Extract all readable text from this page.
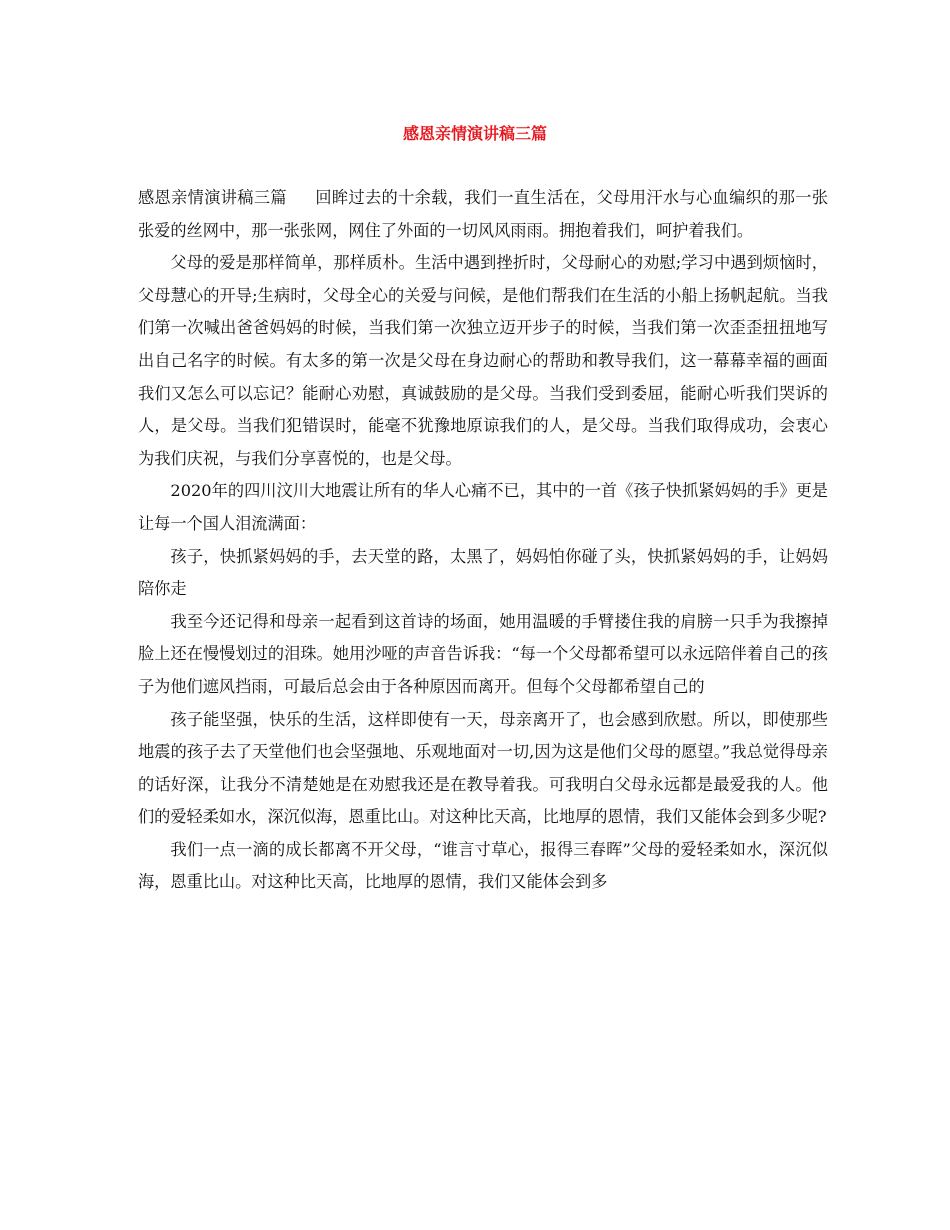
感恩亲情演讲稿三篇

感恩亲情演讲稿三篇 回眸过去的十余载，我们一直生活在，父母用汗水与心血编织的那一张张爱的丝网中，那一张张网，网住了外面的一切风风雨雨。拥抱着我们，呵护着我们。

父母的爱是那样简单，那样质朴。生活中遇到挫折时，父母耐心的劝慰;学习中遇到烦恼时，父母慧心的开导;生病时，父母全心的关爱与问候，是他们帮我们在生活的小船上扬帆起航。当我们第一次喊出爸爸妈妈的时候，当我们第一次独立迈开步子的时候，当我们第一次歪歪扭扭地写出自己名字的时候。有太多的第一次是父母在身边耐心的帮助和教导我们，这一幕幕幸福的画面我们又怎么可以忘记？能耐心劝慰，真诚鼓励的是父母。当我们受到委屈，能耐心听我们哭诉的人，是父母。当我们犯错误时，能毫不犹豫地原谅我们的人，是父母。当我们取得成功，会衷心为我们庆祝，与我们分享喜悦的，也是父母。

2020年的四川汶川大地震让所有的华人心痛不已，其中的一首《孩子快抓紧妈妈的手》更是让每一个国人泪流满面：

孩子，快抓紧妈妈的手，去天堂的路，太黑了，妈妈怕你碰了头，快抓紧妈妈的手，让妈妈陪你走

我至今还记得和母亲一起看到这首诗的场面，她用温暖的手臂搂住我的肩膀一只手为我擦掉脸上还在慢慢划过的泪珠。她用沙哑的声音告诉我：“每一个父母都希望可以永远陪伴着自己的孩子为他们遮风挡雨，可最后总会由于各种原因而离开。但每个父母都希望自己的

孩子能坚强，快乐的生活，这样即使有一天，母亲离开了，也会感到欣慰。所以，即使那些地震的孩子去了天堂他们也会坚强地、乐观地面对一切,因为这是他们父母的愿望。”我总觉得母亲的话好深，让我分不清楚她是在劝慰我还是在教导着我。可我明白父母永远都是最爱我的人。他们的爱轻柔如水，深沉似海，恩重比山。对这种比天高，比地厚的恩情，我们又能体会到多少呢?

我们一点一滴的成长都离不开父母，“谁言寸草心，报得三春晖”父母的爱轻柔如水，深沉似海，恩重比山。对这种比天高，比地厚的恩情，我们又能体会到多
